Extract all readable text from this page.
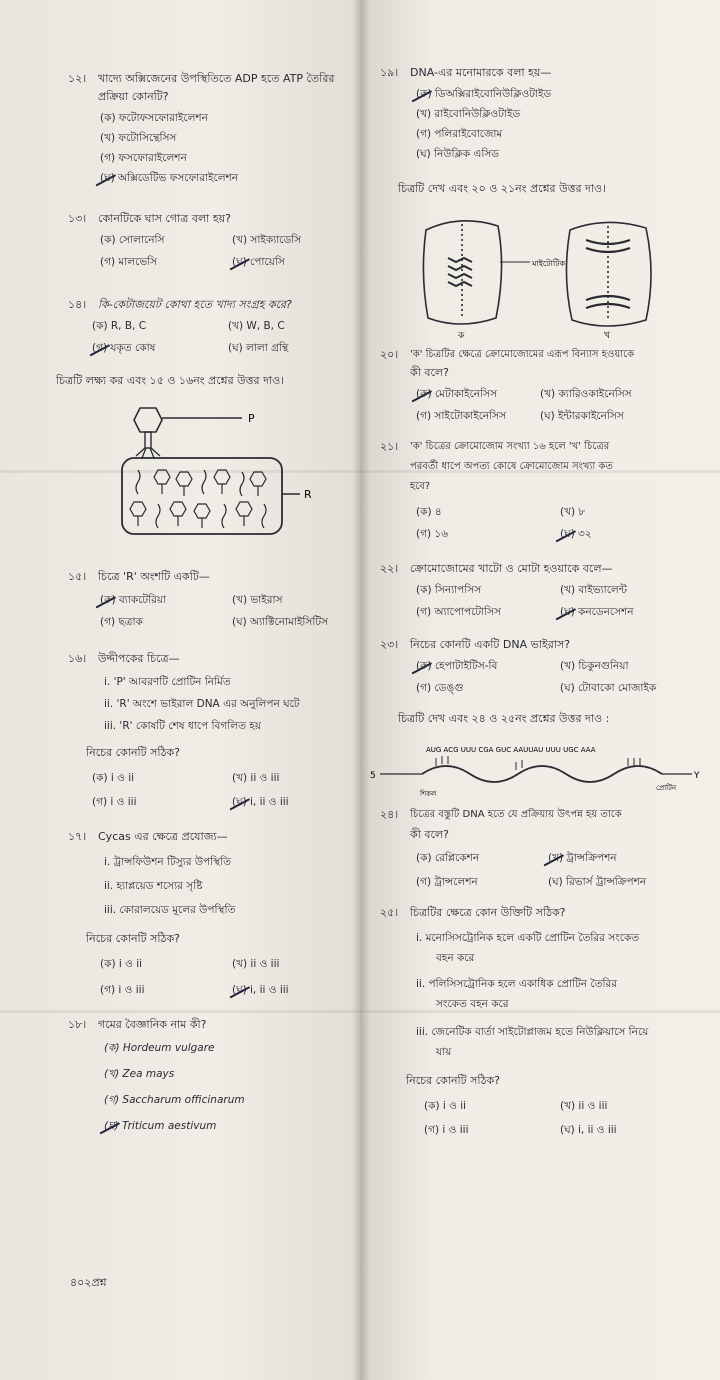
১২। খাদ্যে অক্সিজেনের উপস্থিতিতে ADP হতে ATP তৈরির
প্রক্রিয়া কোনটি?
(ক) ফটোফসফোরাইলেশন
(খ) ফটোসিন্থেসিস
(গ) ফসফোরাইলেশন
(ঘ) অক্সিডেটিভ ফসফোরাইলেশন
১৩। কোনটিকে ঘাস গোত্র বলা হয়?
(ক) সোলানেসি	(খ) সাইক্যাডেসি
(গ) মালভেসি	(ঘ) পোয়েসি
১৪। কি-কেটাজয়েট কোথা হতে খাদ্য সংগ্রহ করে?
(ক) R, B, C	(খ) W, B, C
(গ) যকৃত কোষ	(ঘ) লালা গ্রন্থি
চিত্রটি লক্ষ্য কর এবং ১৫ ও ১৬নং প্রশ্নের উত্তর দাও।
P
R
১৫। চিত্রে 'R' অংশটি একটি—
(ক) ব্যাকটেরিয়া	(খ) ভাইরাস
(গ) ছত্রাক	(ঘ) অ্যাক্টিনোমাইসিটিস
১৬। উদ্দীপকের চিত্রে—
i. 'P' আবরণটি প্রোটিন নির্মিত
ii. 'R' অংশে ভাইরাল DNA এর অনুলিপন ঘটে
iii. 'R' কোষটি শেষ ধাপে বিগলিত হয়
নিচের কোনটি সঠিক?
(ক) i ও ii	(খ) ii ও iii
(গ) i ও iii	(ঘ) i, ii ও iii
১৭। Cycas এর ক্ষেত্রে প্রযোজ্য—
i. ট্রান্সফিউশন টিস্যুর উপস্থিতি
ii. হ্যাপ্লয়েড শস্যের সৃষ্টি
iii. কোরালয়েড মূলের উপস্থিতি
নিচের কোনটি সঠিক?
(ক) i ও ii	(খ) ii ও iii
(গ) i ও iii	(ঘ) i, ii ও iii
১৮। গমের বৈজ্ঞানিক নাম কী?
(ক) Hordeum vulgare
(খ) Zea mays
(গ) Saccharum officinarum
(ঘ) Triticum aestivum
৪০২প্রশ্ন
১৯। DNA-এর মনোমারকে বলা হয়—
(ক) ডিঅক্সিরাইবোনিউক্লিওটাইড
(খ) রাইবোনিউক্লিওটাইড
(গ) পলিরাইবোজোম
(ঘ) নিউক্লিক এসিড
চিত্রটি দেখ এবং ২০ ও ২১নং প্রশ্নের উত্তর দাও।
মাইটোটিক
ক	খ
২০। 'ক' চিত্রটির ক্ষেত্রে ক্রোমোজোমের এরূপ বিন্যাস হওয়াকে
কী বলে?
(ক) মেটাকাইনেসিস	(খ) ক্যারিওকাইনেসিস
(গ) সাইটোকাইনেসিস	(ঘ) ইন্টারকাইনেসিস
২১। 'ক' চিত্রের ক্রোমোজোম সংখ্যা ১৬ হলে 'খ' চিত্রের
পরবর্তী ধাপে অপত্য কোষে ক্রোমোজোম সংখ্যা কত
হবে?
(ক) ৪	(খ) ৮
(গ) ১৬	(ঘ) ৩২
২২। ক্রোমোজোমের খাটো ও মোটা হওয়াকে বলে—
(ক) সিন্যাপসিস	(খ) বাইভ্যালেন্ট
(গ) অ্যাপোপটোসিস	(ঘ) কনডেনসেশন
২৩। নিচের কোনটি একটি DNA ভাইরাস?
(ক) হেপাটাইটিস-বি	(খ) চিকুনগুনিয়া
(গ) ডেঙ্গু	(ঘ) টোবাকো মোজাইক
চিত্রটি দেখ এবং ২৪ ও ২৫নং প্রশ্নের উত্তর দাও :
5	Y
AUG ACG UUU CGA GUC AAUUAU UUU UGC AAA
শিকল
প্রোটিন
২৪। চিত্রের বস্তুটি DNA হতে যে প্রক্রিয়ায় উৎপন্ন হয় তাকে
কী বলে?
(ক) রেপ্লিকেশন	(খ) ট্রান্সক্রিপশন
(গ) ট্রান্সলেশন	(ঘ) রিভার্স ট্রান্সক্রিপশন
২৫। চিত্রটির ক্ষেত্রে কোন উক্তিটি সঠিক?
i. মনোসিসট্রোনিক হলে একটি প্রোটিন তৈরির সংকেত
বহন করে
ii. পলিসিসট্রোনিক হলে একাধিক প্রোটিন তৈরির
সংকেত বহন করে
iii. জেনেটিক বার্তা সাইটোপ্লাজম হতে নিউক্লিয়াসে নিয়ে
যায়
নিচের কোনটি সঠিক?
(ক) i ও ii	(খ) ii ও iii
(গ) i ও iii	(ঘ) i, ii ও iii
